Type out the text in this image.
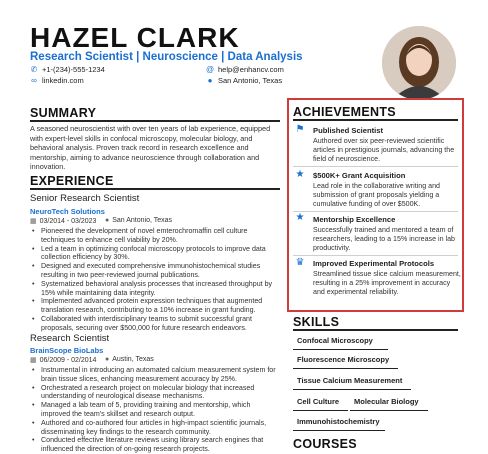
HAZEL CLARK
Research Scientist | Neuroscience | Data Analysis
✆ +1-(234)-555-1234
∞ linkedin.com
@ help@enhancv.com
● San Antonio, Texas
SUMMARY
A seasoned neuroscientist with over ten years of lab experience, equipped with expert-level skills in confocal microscopy, molecular biology, and behavioral analysis. Proven track record in research excellence and mentorship, aiming to advance neuroscience through collaboration and innovation.
EXPERIENCE
Senior Research Scientist
NeuroTech Solutions
▦ 03/2014 - 03/2023 ● San Antonio, Texas
• Pioneered the development of novel emterochromaffin cell culture techniques to enhance cell viability by 20%.
• Led a team in optimizing confocal microscopy protocols to improve data collection efficiency by 30%.
• Designed and executed comprehensive immunohistochemical studies resulting in two peer-reviewed journal publications.
• Systematized behavioral analysis processes that increased throughput by 15% while maintaining data integrity.
• Implemented advanced protein expression techniques that augmented translation research, contributing to a 10% increase in grant funding.
• Collaborated with interdisciplinary teams to submit successful grant proposals, securing over $500,000 for future research endeavors.
Research Scientist
BrainScope BioLabs
▦ 06/2009 - 02/2014 ● Austin, Texas
• Instrumental in introducing an automated calcium measurement system for brain tissue slices, enhancing measurement accuracy by 25%.
• Orchestrated a research project on molecular biology that increased understanding of neurological disease mechanisms.
• Managed a lab team of 5, providing training and mentorship, which improved the team's skillset and research output.
• Authored and co-authored four articles in high-impact scientific journals, disseminating key findings to the research community.
• Conducted effective literature reviews using library search engines that influenced the direction of on-going research projects.
ACHIEVEMENTS
⚑ Published Scientist
Authored over six peer-reviewed scientific articles in prestigious journals, advancing the field of neuroscience.
★ $500K+ Grant Acquisition
Lead role in the collaborative writing and submission of grant proposals yielding a cumulative funding of over $500K.
★ Mentorship Excellence
Successfully trained and mentored a team of researchers, leading to a 15% increase in lab productivity.
♛ Improved Experimental Protocols
Streamlined tissue slice calcium measurement, resulting in a 25% improvement in accuracy and experimental reliability.
SKILLS
Confocal Microscopy
Fluorescence Microscopy
Tissue Calcium Measurement
Cell Culture Molecular Biology
Immunohistochemistry
COURSES
